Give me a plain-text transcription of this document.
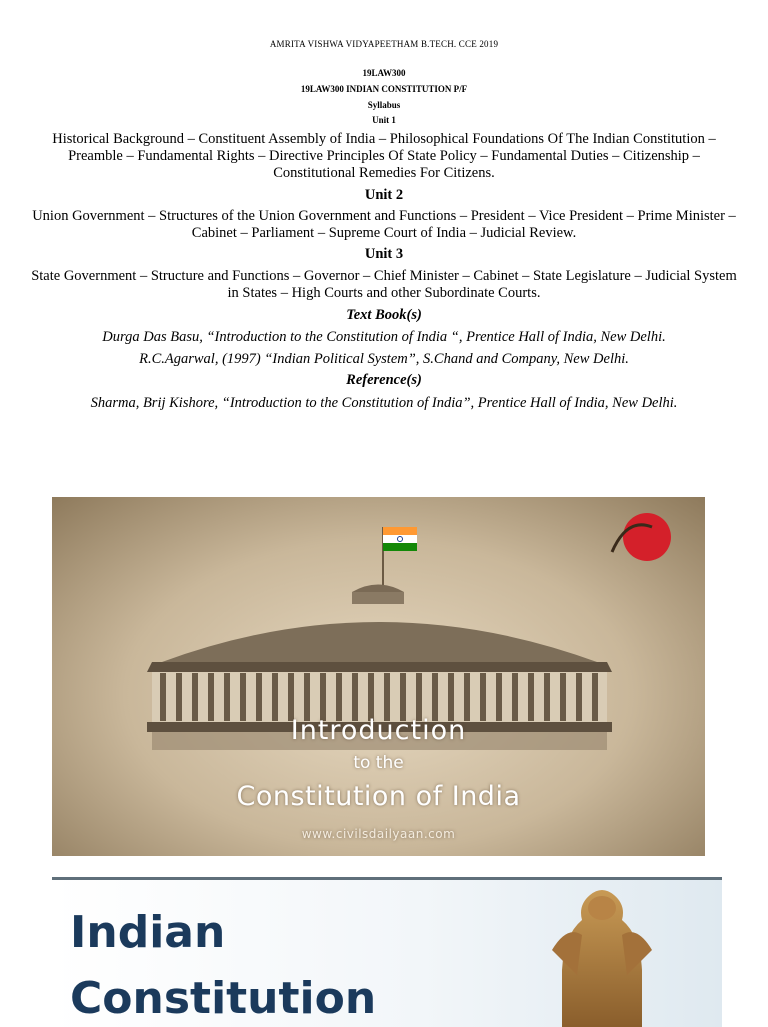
AMRITA VISHWA VIDYAPEETHAM B.TECH. CCE 2019
19LAW300
19LAW300 INDIAN CONSTITUTION P/F
Syllabus
Unit 1
Historical Background – Constituent Assembly of India – Philosophical Foundations Of The Indian Constitution – Preamble – Fundamental Rights – Directive Principles Of State Policy – Fundamental Duties – Citizenship – Constitutional Remedies For Citizens.
Unit 2
Union Government – Structures of the Union Government and Functions – President – Vice President – Prime Minister – Cabinet – Parliament – Supreme Court of India – Judicial Review.
Unit 3
State Government – Structure and Functions – Governor – Chief Minister – Cabinet – State Legislature – Judicial System in States – High Courts and other Subordinate Courts.
Text Book(s)
Durga Das Basu, “Introduction to the Constitution of India “, Prentice Hall of India, New Delhi.
R.C.Agarwal, (1997) “Indian Political System”, S.Chand and Company, New Delhi.
Reference(s)
Sharma, Brij Kishore, “Introduction to the Constitution of India”, Prentice Hall of India, New Delhi.
Introduction
to the
Constitution of India
www.civilsdailyaan.com
Indian
Constitution
